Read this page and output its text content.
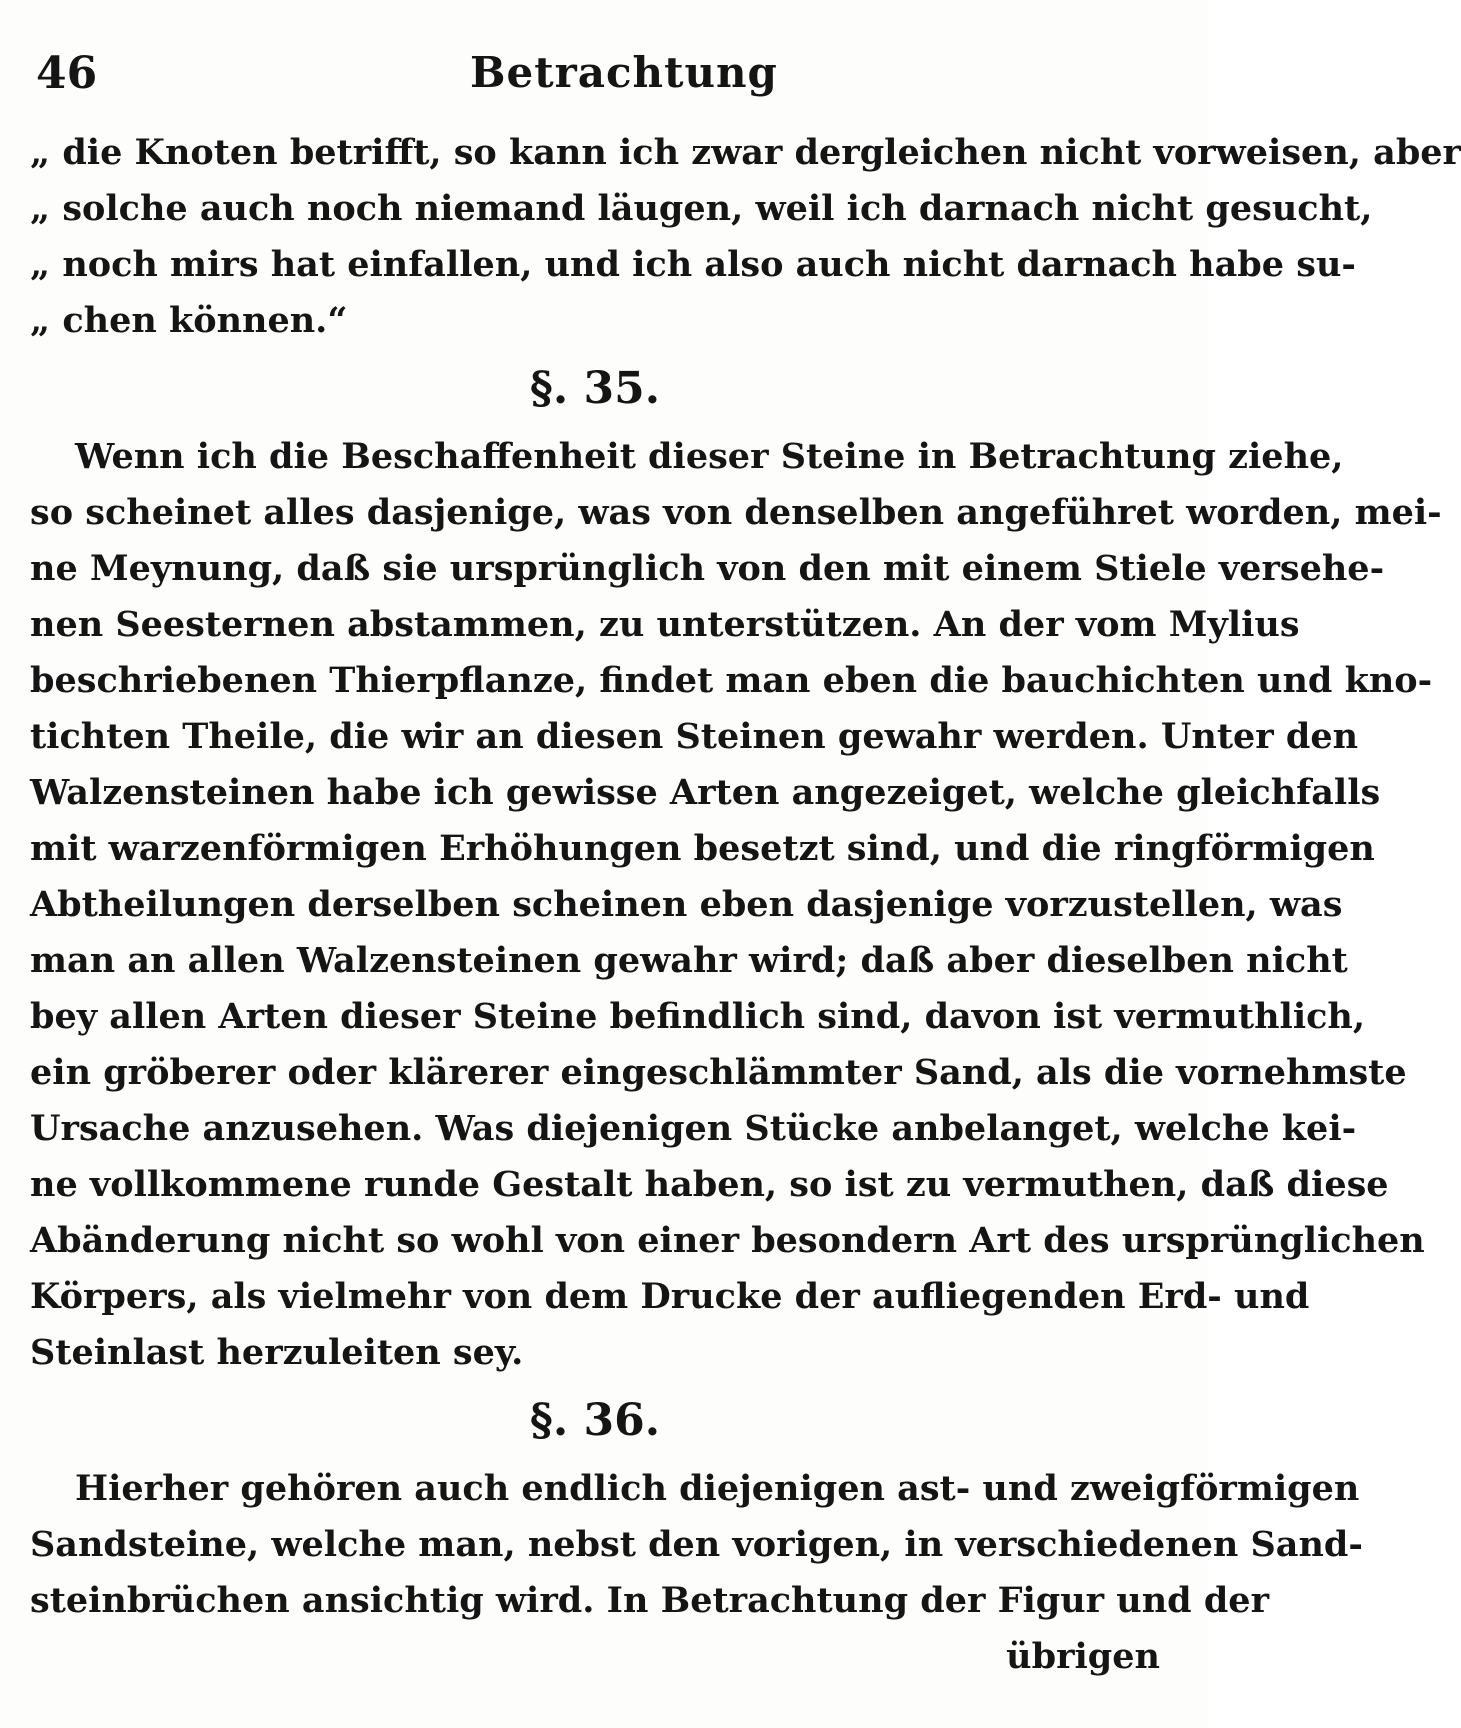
46	Betrachtung
„ die Knoten betrifft, so kann ich zwar dergleichen nicht vorweisen, aber
„ solche auch noch niemand läugen, weil ich darnach nicht gesucht,
„ noch mirs hat einfallen, und ich also auch nicht darnach habe su-
„ chen können.“
§. 35.
Wenn ich die Beschaffenheit dieser Steine in Betrachtung ziehe,
so scheinet alles dasjenige, was von denselben angeführet worden, mei-
ne Meynung, daß sie ursprünglich von den mit einem Stiele versehe-
nen Seesternen abstammen, zu unterstützen. An der vom Mylius
beschriebenen Thierpflanze, findet man eben die bauchichten und kno-
tichten Theile, die wir an diesen Steinen gewahr werden. Unter den
Walzensteinen habe ich gewisse Arten angezeiget, welche gleichfalls
mit warzenförmigen Erhöhungen besetzt sind, und die ringförmigen
Abtheilungen derselben scheinen eben dasjenige vorzustellen, was
man an allen Walzensteinen gewahr wird; daß aber dieselben nicht
bey allen Arten dieser Steine befindlich sind, davon ist vermuthlich,
ein gröberer oder klärerer eingeschlämmter Sand, als die vornehmste
Ursache anzusehen. Was diejenigen Stücke anbelanget, welche kei-
ne vollkommene runde Gestalt haben, so ist zu vermuthen, daß diese
Abänderung nicht so wohl von einer besondern Art des ursprünglichen
Körpers, als vielmehr von dem Drucke der aufliegenden Erd- und
Steinlast herzuleiten sey.
§. 36.
Hierher gehören auch endlich diejenigen ast- und zweigförmigen
Sandsteine, welche man, nebst den vorigen, in verschiedenen Sand-
steinbrüchen ansichtig wird. In Betrachtung der Figur und der
übrigen
